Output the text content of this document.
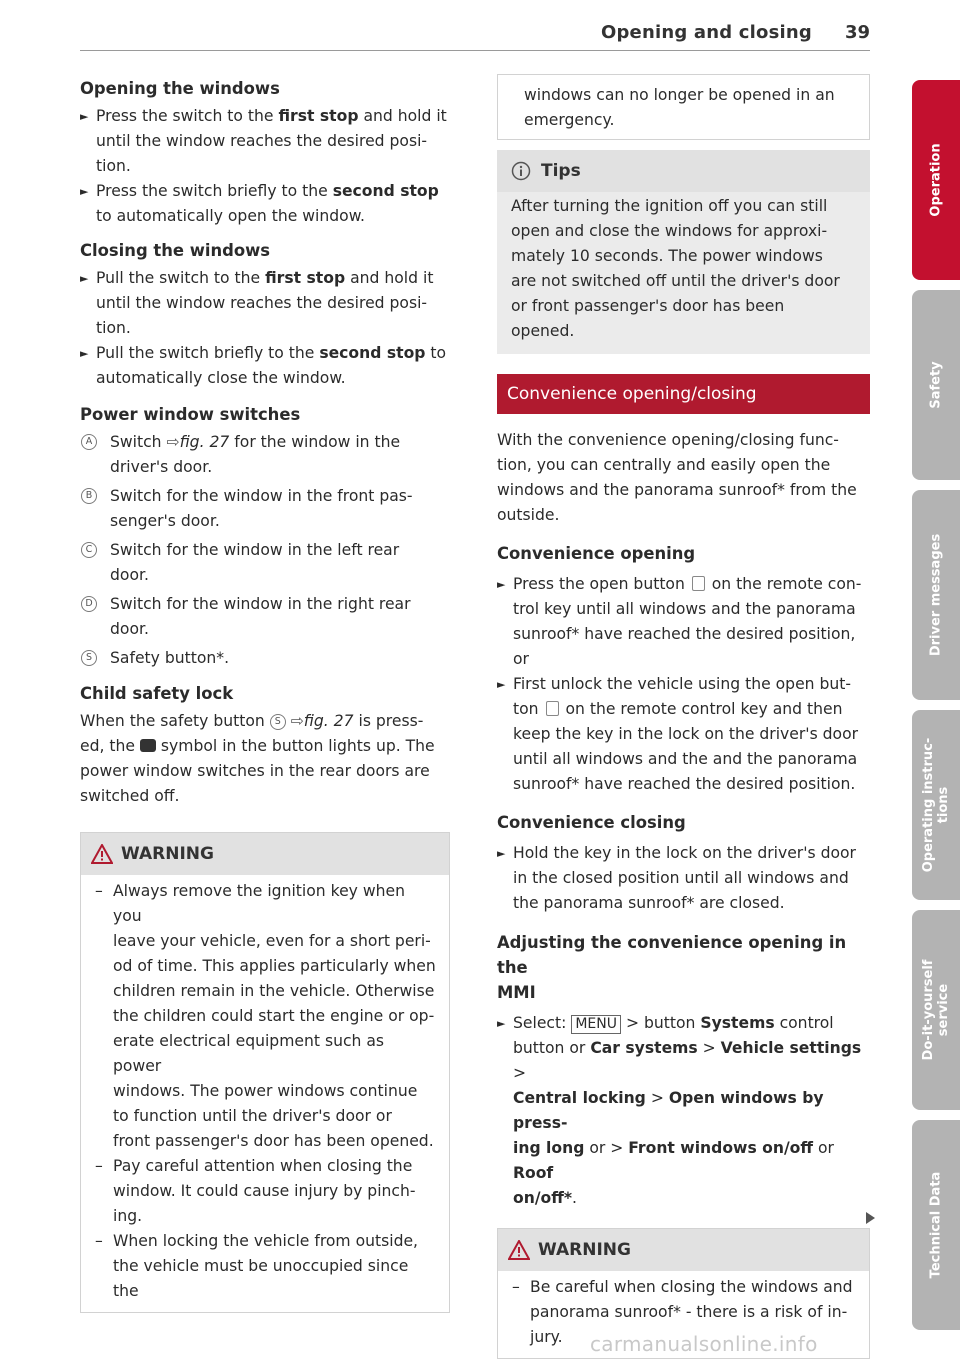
Opening and closing 39

Opening the windows

► Press the switch to the first stop and hold it
until the window reaches the desired posi-
tion.
► Press the switch briefly to the second stop
to automatically open the window.

Closing the windows

► Pull the switch to the first stop and hold it
until the window reaches the desired posi-
tion.
► Pull the switch briefly to the second stop to
automatically close the window.

Power window switches

A	Switch ⇨fig. 27 for the window in the
driver's door.
B	Switch for the window in the front pas-
senger's door.
C	Switch for the window in the left rear
door.
D Switch for the window in the right rear
door.
S	Safety button*.

Child safety lock

When the safety button S ⇨fig. 27 is press-
ed, the  symbol in the button lights up. The
power window switches in the rear doors are
switched off.
WARNING
– Always remove the ignition key when you
leave your vehicle, even for a short peri-
od of time. This applies particularly when
children remain in the vehicle. Otherwise
the children could start the engine or op-
erate electrical equipment such as power
windows. The power windows continue
to function until the driver's door or
front passenger's door has been opened.
– Pay careful attention when closing the
window. It could cause injury by pinch-
ing.
– When locking the vehicle from outside,
the vehicle must be unoccupied since the
windows can no longer be opened in an
emergency.
Tips
After turning the ignition off you can still
open and close the windows for approxi-
mately 10 seconds. The power windows
are not switched off until the driver's door
or front passenger's door has been
opened.
Convenience opening/closing
With the convenience opening/closing func-
tion, you can centrally and easily open the
windows and the panorama sunroof* from the
outside.

Convenience opening

► Press the open button  on the remote con-
trol key until all windows and the panorama
sunroof* have reached the desired position,
or
► First unlock the vehicle using the open but-
ton  on the remote control key and then
keep the key in the lock on the driver's door
until all windows and the and the panorama
sunroof* have reached the desired position.

Convenience closing

► Hold the key in the lock on the driver's door
in the closed position until all windows and
the panorama sunroof* are closed.

Adjusting the convenience opening in the

MMI

► Select: MENU > button Systems control
button or Car systems > Vehicle settings >
Central locking > Open windows by press-
ing long or > Front windows on/off or Roof
on/off*.
WARNING
– Be careful when closing the windows and
panorama sunroof* - there is a risk of in-
jury.
Operation
Safety
Driver messages
Operating instruc-
tions
Do-it-yourself
service
Technical Data
carmanualsonline.info
